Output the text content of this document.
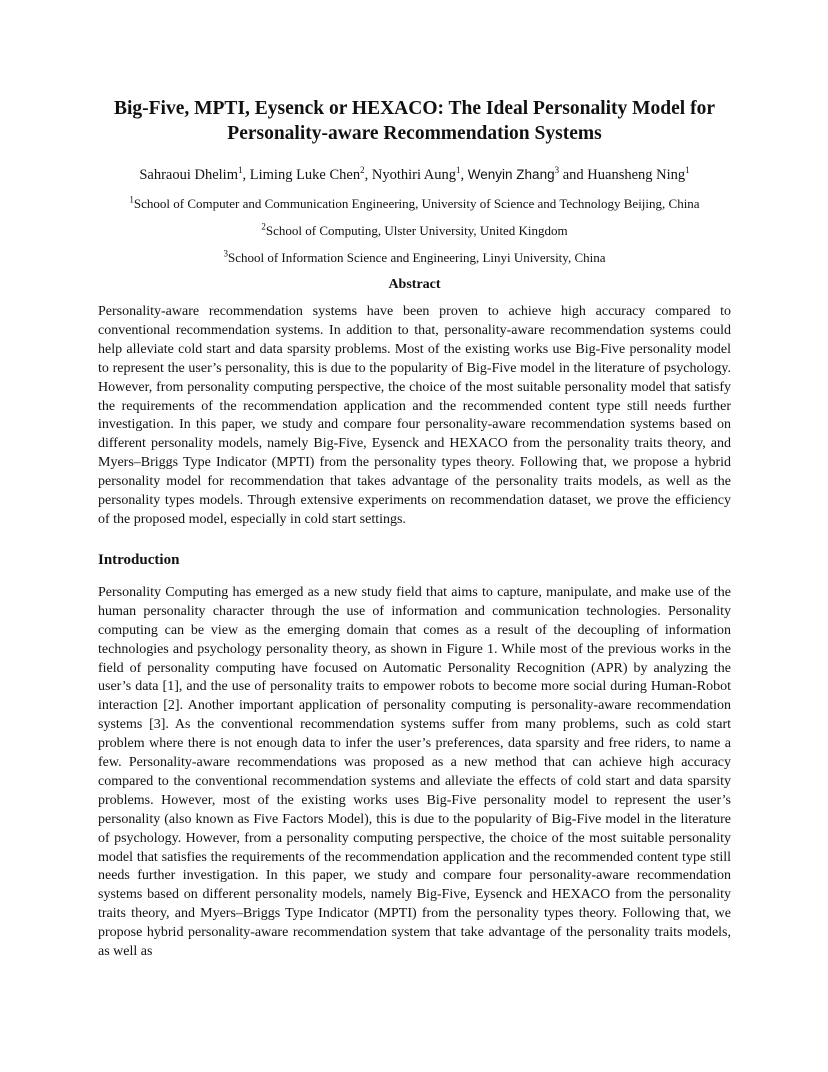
Big-Five, MPTI, Eysenck or HEXACO: The Ideal Personality Model for
Personality-aware Recommendation Systems
Sahraoui Dhelim$^1$, Liming Luke Chen$^2$, Nyothiri Aung$^1$, Wenyin Zhang$^3$ and Huansheng Ning$^1$
$^1$School of Computer and Communication Engineering, University of Science and Technology Beijing, China
$^2$School of Computing, Ulster University, United Kingdom
$^3$School of Information Science and Engineering, Linyi University, China
Abstract

Personality-aware recommendation systems have been proven to achieve high accuracy compared to conventional recommendation systems. In addition to that, personality-aware recommendation systems could help alleviate cold start and data sparsity problems. Most of the existing works use Big-Five personality model to represent the user’s personality, this is due to the popularity of Big-Five model in the literature of psychology. However, from personality computing perspective, the choice of the most suitable personality model that satisfy the requirements of the recommendation application and the recommended content type still needs further investigation. In this paper, we study and compare four personality-aware recommendation systems based on different personality models, namely Big-Five, Eysenck and HEXACO from the personality traits theory, and Myers–Briggs Type Indicator (MPTI) from the personality types theory. Following that, we propose a hybrid personality model for recommendation that takes advantage of the personality traits models, as well as the personality types models. Through extensive experiments on recommendation dataset, we prove the efficiency of the proposed model, especially in cold start settings.

Introduction

Personality Computing has emerged as a new study field that aims to capture, manipulate, and make use of the human personality character through the use of information and communication technologies. Personality computing can be view as the emerging domain that comes as a result of the decoupling of information technologies and psychology personality theory, as shown in Figure 1. While most of the previous works in the field of personality computing have focused on Automatic Personality Recognition (APR) by analyzing the user’s data [1], and the use of personality traits to empower robots to become more social during Human-Robot interaction [2]. Another important application of personality computing is personality-aware recommendation systems [3]. As the conventional recommendation systems suffer from many problems, such as cold start problem where there is not enough data to infer the user’s preferences, data sparsity and free riders, to name a few. Personality-aware recommendations was proposed as a new method that can achieve high accuracy compared to the conventional recommendation systems and alleviate the effects of cold start and data sparsity problems. However, most of the existing works uses Big-Five personality model to represent the user’s personality (also known as Five Factors Model), this is due to the popularity of Big-Five model in the literature of psychology. However, from a personality computing perspective, the choice of the most suitable personality model that satisfies the requirements of the recommendation application and the recommended content type still needs further investigation. In this paper, we study and compare four personality-aware recommendation systems based on different personality models, namely Big-Five, Eysenck and HEXACO from the personality traits theory, and Myers–Briggs Type Indicator (MPTI) from the personality types theory. Following that, we propose hybrid personality-aware recommendation system that take advantage of the personality traits models, as well as
